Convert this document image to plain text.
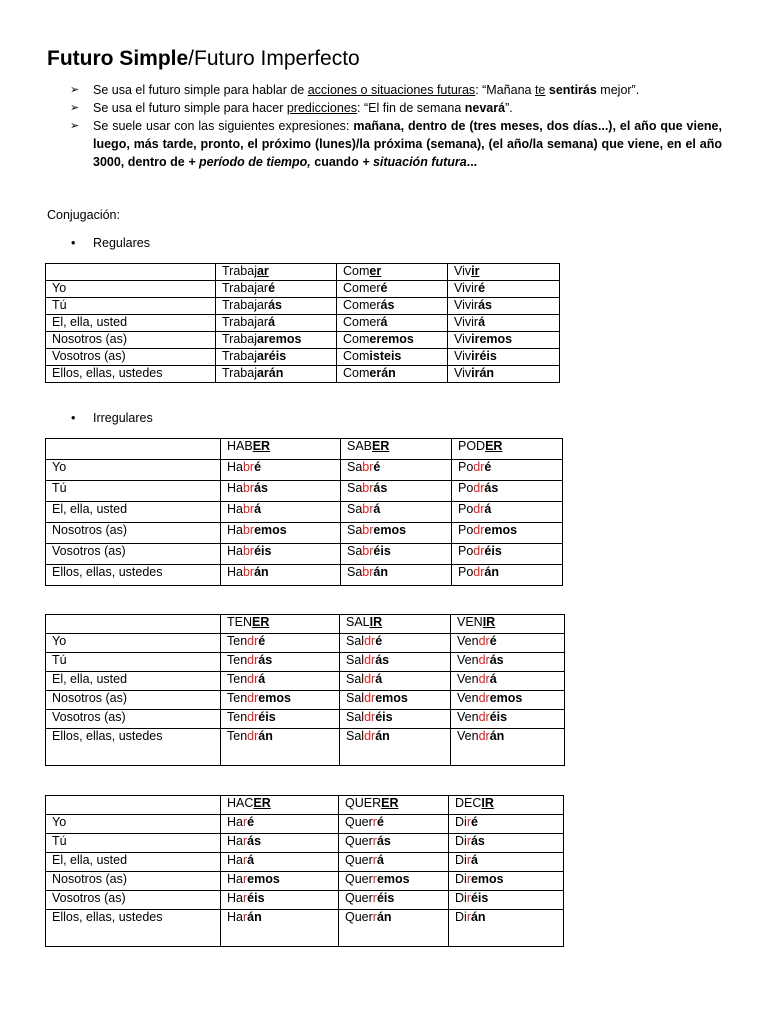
Futuro Simple/Futuro Imperfecto
➢ Se usa el futuro simple para hablar de acciones o situaciones futuras: “Mañana te sentirás mejor”.
➢ Se usa el futuro simple para hacer predicciones: “El fin de semana nevará”.
➢ Se suele usar con las siguientes expresiones: mañana, dentro de (tres meses, dos días...), el año que viene, luego, más tarde, pronto, el próximo (lunes)/la próxima (semana), (el año/la semana) que viene, en el año 3000, dentro de + período de tiempo, cuando + situación futura...
Conjugación:
• Regulares
• Irregulares
	Trabajar	Comer	Vivir
Yo	Trabajaré	Comeré	Viviré
Tú	Trabajarás	Comerás	Vivirás
El, ella, usted	Trabajará	Comerá	Vivirá
Nosotros (as)	Trabajaremos	Comeremos	Viviremos
Vosotros (as)	Trabajaréis	Comisteis	Viviréis
Ellos, ellas, ustedes	Trabajarán	Comerán	Vivirán
	HABER	SABER	PODER
Yo	Habré	Sabré	Podré
Tú	Habrás	Sabrás	Podrás
El, ella, usted	Habrá	Sabrá	Podrá
Nosotros (as)	Habremos	Sabremos	Podremos
Vosotros (as)	Habréis	Sabréis	Podréis
Ellos, ellas, ustedes	Habrán	Sabrán	Podrán
	TENER	SALIR	VENIR
Yo	Tendré	Saldré	Vendré
Tú	Tendrás	Saldrás	Vendrás
El, ella, usted	Tendrá	Saldrá	Vendrá
Nosotros (as)	Tendremos	Saldremos	Vendremos
Vosotros (as)	Tendréis	Saldréis	Vendréis
Ellos, ellas, ustedes	Tendrán	Saldrán	Vendrán
	HACER	QUERER	DECIR
Yo	Haré	Querré	Diré
Tú	Harás	Querrás	Dirás
El, ella, usted	Hará	Querrá	Dirá
Nosotros (as)	Haremos	Querremos	Diremos
Vosotros (as)	Haréis	Querréis	Diréis
Ellos, ellas, ustedes	Harán	Querrán	Dirán
